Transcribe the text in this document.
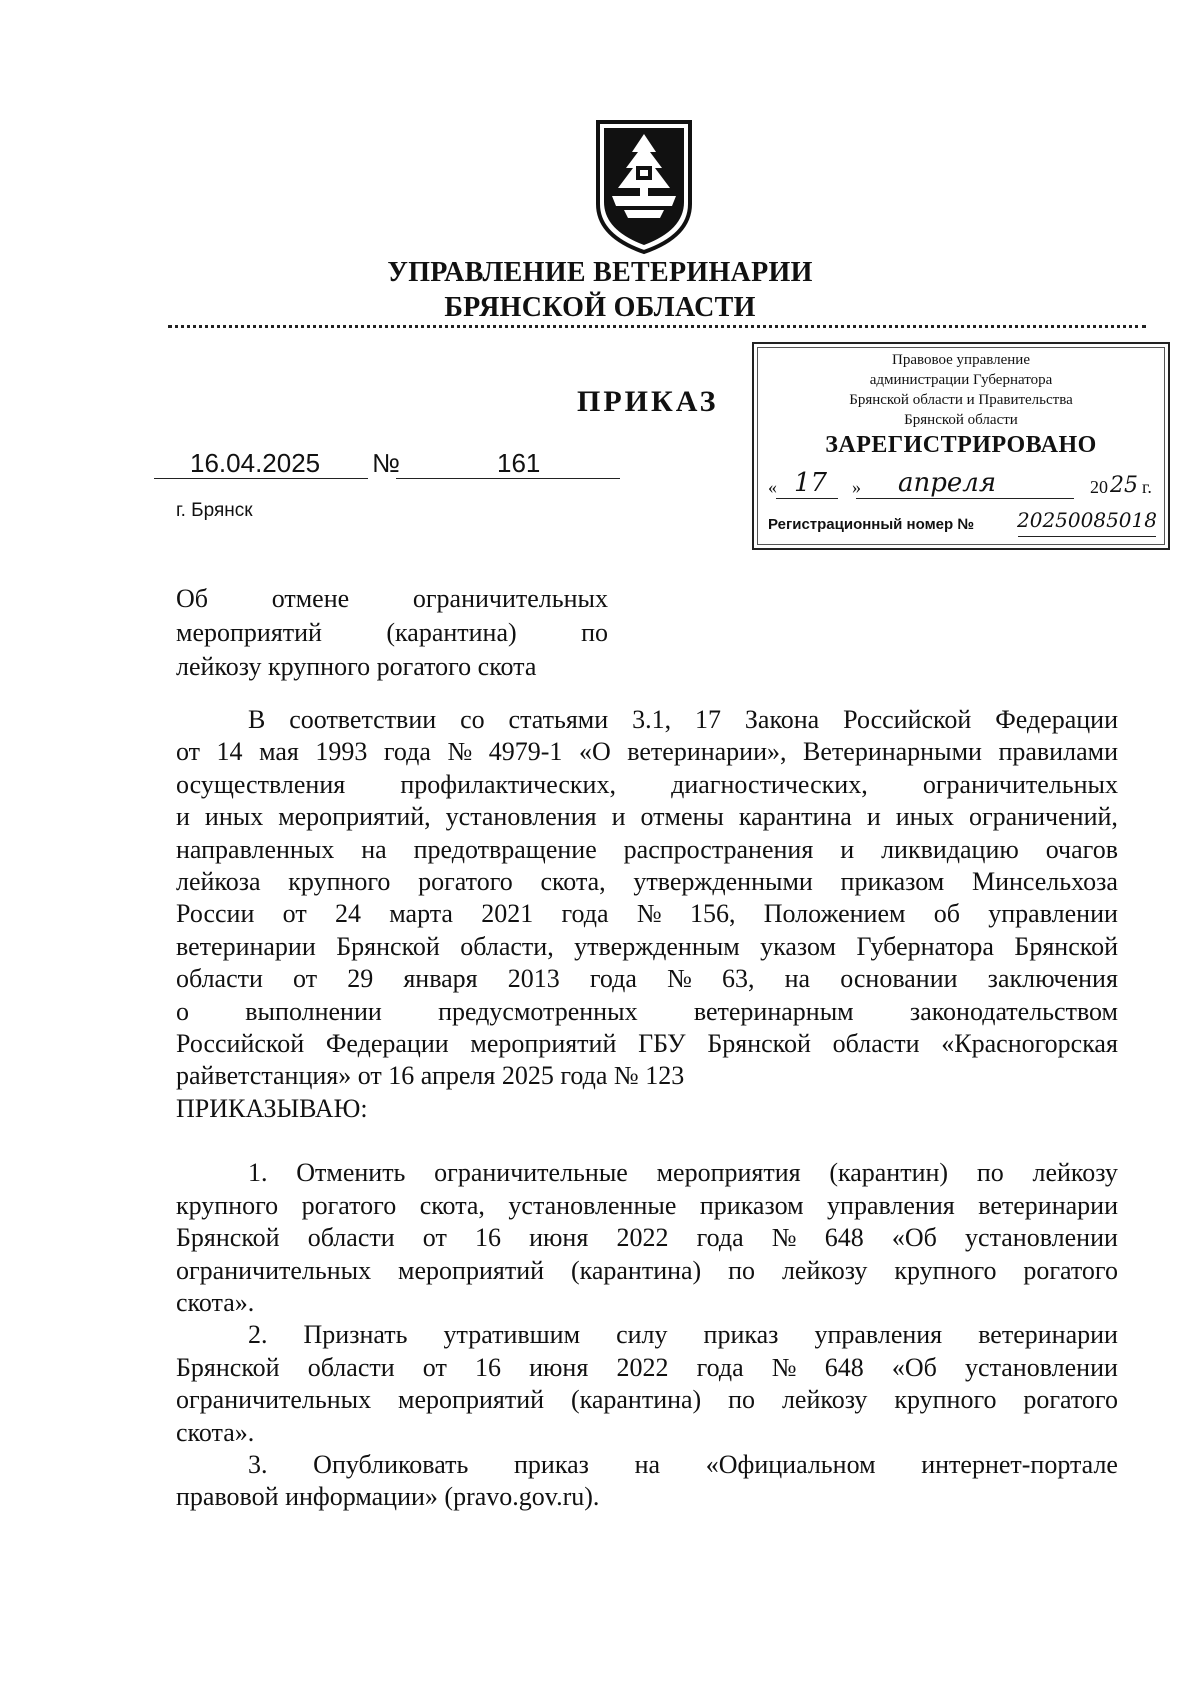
УПРАВЛЕНИЕ ВЕТЕРИНАРИИ
БРЯНСКОЙ ОБЛАСТИ
ПРИКАЗ
16.04.2025 №	161
г. Брянск
Правовое управление
администрации Губернатора
Брянской области и Правительства
Брянской области
ЗАРЕГИСТРИРОВАНО
« 17 » апреля	20 25 г.
Регистрационный номер № 20250085018
Об отмене ограничительных
мероприятий (карантина) по
лейкозу крупного рогатого скота
В соответствии со статьями 3.1, 17 Закона Российской Федерации
от 14 мая 1993 года № 4979-1 «О ветеринарии», Ветеринарными правилами
осуществления профилактических, диагностических, ограничительных
и иных мероприятий, установления и отмены карантина и иных ограничений,
направленных на предотвращение распространения и ликвидацию очагов
лейкоза крупного рогатого скота, утвержденными приказом Минсельхоза
России от 24 марта 2021 года № 156, Положением об управлении
ветеринарии Брянской области, утвержденным указом Губернатора Брянской
области от 29 января 2013 года № 63, на основании заключения
о выполнении предусмотренных ветеринарным законодательством
Российской Федерации мероприятий ГБУ Брянской области «Красногорская
райветстанция» от 16 апреля 2025 года № 123
ПРИКАЗЫВАЮ:
1. Отменить ограничительные мероприятия (карантин) по лейкозу
крупного рогатого скота, установленные приказом управления ветеринарии
Брянской области от 16 июня 2022 года № 648 «Об установлении
ограничительных мероприятий (карантина) по лейкозу крупного рогатого
скота».
2. Признать утратившим силу приказ управления ветеринарии
Брянской области от 16 июня 2022 года № 648 «Об установлении
ограничительных мероприятий (карантина) по лейкозу крупного рогатого
скота».
3. Опубликовать приказ на «Официальном интернет-портале
правовой информации» (pravo.gov.ru).
